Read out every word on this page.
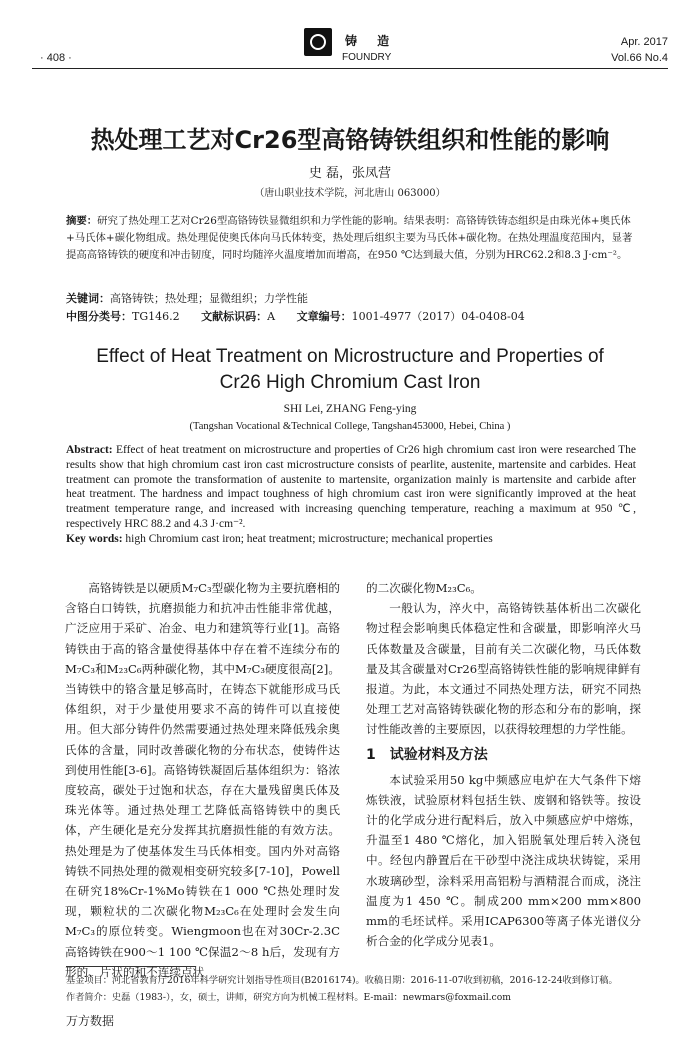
· 408 ·
铸 造
FOUNDRY
Apr. 2017
Vol.66 No.4
热处理工艺对Cr26型高铬铸铁组织和性能的影响
史 磊，张凤营
（唐山职业技术学院，河北唐山 063000）
摘要：研究了热处理工艺对Cr26型高铬铸铁显微组织和力学性能的影响。结果表明：高铬铸铁铸态组织是由珠光体+奥氏体+马氏体+碳化物组成。热处理促使奥氏体向马氏体转变，热处理后组织主要为马氏体+碳化物。在热处理温度范围内，显著提高高铬铸铁的硬度和冲击韧度，同时均随淬火温度增加而增高，在950 ℃达到最大值，分别为HRC62.2和8.3 J·cm⁻²。
关键词：高铬铸铁；热处理；显微组织；力学性能
中图分类号：TG146.2 文献标识码：A 文章编号：1001-4977（2017）04-0408-04
Effect of Heat Treatment on Microstructure and Properties of
Cr26 High Chromium Cast Iron
SHI Lei, ZHANG Feng-ying
(Tangshan Vocational &Technical College, Tangshan453000, Hebei, China )
Abstract: Effect of heat treatment on microstructure and properties of Cr26 high chromium cast iron were researched The results show that high chromium cast iron cast microstructure consists of pearlite, austenite, martensite and carbides. Heat treatment can promote the transformation of austenite to martensite, organization mainly is martensite and carbide after heat treatment. The hardness and impact toughness of high chromium cast iron were significantly improved at the heat treatment temperature range, and increased with increasing quenching temperature, reaching a maximum at 950 ℃, respectively HRC 88.2 and 4.3 J·cm⁻².
Key words: high Chromium cast iron; heat treatment; microstructure; mechanical properties

高铬铸铁是以硬质M₇C₃型碳化物为主要抗磨相的含铬白口铸铁，抗磨损能力和抗冲击性能非常优越，广泛应用于采矿、冶金、电力和建筑等行业[1]。高铬铸铁由于高的铬含量使得基体中存在着不连续分布的M₇C₃和M₂₃C₆两种碳化物，其中M₇C₃硬度很高[2]。当铸铁中的铬含量足够高时，在铸态下就能形成马氏体组织，对于少量使用要求不高的铸件可以直接使用。但大部分铸件仍然需要通过热处理来降低残余奥氏体的含量，同时改善碳化物的分布状态，使铸件达到使用性能[3-6]。高铬铸铁凝固后基体组织为：铬浓度较高，碳处于过饱和状态，存在大量残留奥氏体及珠光体等。通过热处理工艺降低高铬铸铁中的奥氏体，产生硬化是充分发挥其抗磨损性能的有效方法。热处理是为了使基体发生马氏体相变。国内外对高铬铸铁不同热处理的微观相变研究较多[7-10]，Powell在研究18%Cr-1%Mo铸铁在1 000 ℃热处理时发现，颗粒状的二次碳化物M₂₃C₆在处理时会发生向M₇C₃的原位转变。Wiengmoon也在对30Cr-2.3C高铬铸铁在900～1 100 ℃保温2～8 h后，发现有方形的、片状的和不连续点状

的二次碳化物M₂₃C₆。

一般认为，淬火中，高铬铸铁基体析出二次碳化物过程会影响奥氏体稳定性和含碳量，即影响淬火马氏体数量及含碳量，目前有关二次碳化物，马氏体数量及其含碳量对Cr26型高铬铸铁性能的影响规律鲜有报道。为此，本文通过不同热处理方法，研究不同热处理工艺对高铬铸铁碳化物的形态和分布的影响，探讨性能改善的主要原因，以获得较理想的力学性能。

1 试验材料及方法

本试验采用50 kg中频感应电炉在大气条件下熔炼铁液，试验原材料包括生铁、废钢和铬铁等。按设计的化学成分进行配料后，放入中频感应炉中熔炼，升温至1 480 ℃熔化，加入铝脱氧处理后转入浇包中。经包内静置后在干砂型中浇注成块状铸锭，采用水玻璃砂型，涂料采用高铝粉与酒精混合而成，浇注温度为1 450 ℃。制成200 mm×200 mm×800 mm的毛坯试样。采用ICAP6300等离子体光谱仪分析合金的化学成分见表1。

基金项目：河北省教育厅2016年科学研究计划指导性项目(B2016174)。收稿日期：2016-11-07收到初稿，2016-12-24收到修订稿。
作者简介：史磊（1983-），女，硕士，讲师，研究方向为机械工程材料。E-mail：newmars@foxmail.com
万方数据
